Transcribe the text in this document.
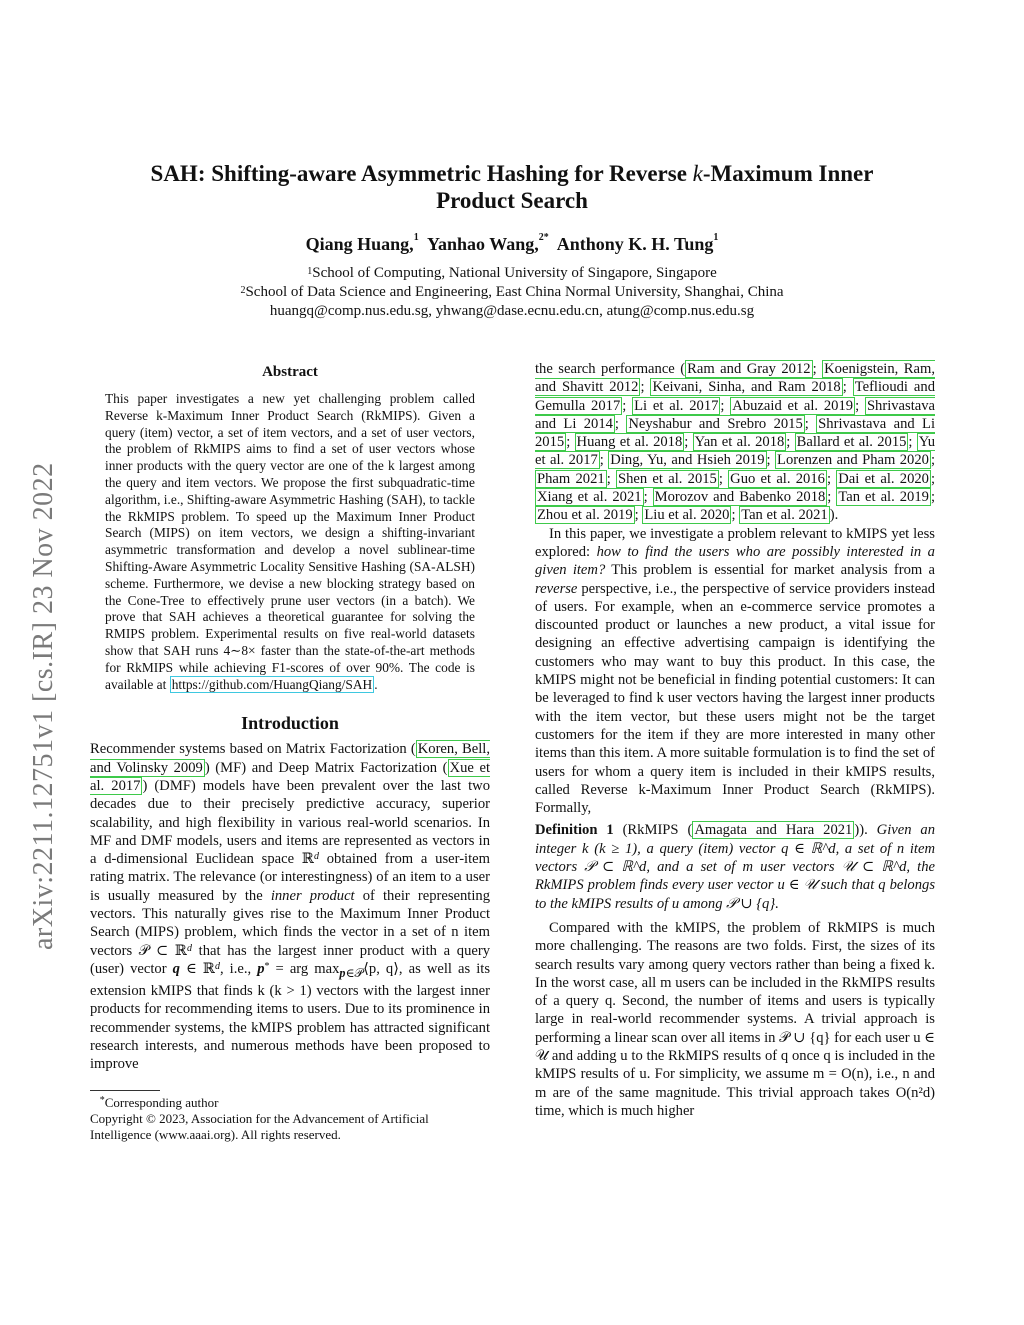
arXiv:2211.12751v1 [cs.IR] 23 Nov 2022
SAH: Shifting-aware Asymmetric Hashing for Reverse k-Maximum Inner
Product Search
Qiang Huang,$^1$ Yanhao Wang,$^{2*}$ Anthony K. H. Tung$^1$
$^1$School of Computing, National University of Singapore, Singapore
$^2$School of Data Science and Engineering, East China Normal University, Shanghai, China
huangq@comp.nus.edu.sg, yhwang@dase.ecnu.edu.cn, atung@comp.nus.edu.sg
Abstract
This paper investigates a new yet challenging problem called Reverse k-Maximum Inner Product Search (RkMIPS). Given a query (item) vector, a set of item vectors, and a set of user vectors, the problem of RkMIPS aims to find a set of user vectors whose inner products with the query vector are one of the k largest among the query and item vectors. We propose the first subquadratic-time algorithm, i.e., Shifting-aware Asymmetric Hashing (SAH), to tackle the RkMIPS problem. To speed up the Maximum Inner Product Search (MIPS) on item vectors, we design a shifting-invariant asymmetric transformation and develop a novel sublinear-time Shifting-Aware Asymmetric Locality Sensitive Hashing (SA-ALSH) scheme. Furthermore, we devise a new blocking strategy based on the Cone-Tree to effectively prune user vectors (in a batch). We prove that SAH achieves a theoretical guarantee for solving the RMIPS problem. Experimental results on five real-world datasets show that SAH runs 4∼8× faster than the state-of-the-art methods for RkMIPS while achieving F1-scores of over 90%. The code is available at https://github.com/HuangQiang/SAH .
Introduction

Recommender systems based on Matrix Factorization ( Koren, Bell, and Volinsky 2009 ) (MF) and Deep Matrix Factorization ( Xue et al. 2017 ) (DMF) models have been prevalent over the last two decades due to their precisely predictive accuracy, superior scalability, and high flexibility in various real-world scenarios. In MF and DMF models, users and items are represented as vectors in a d-dimensional Euclidean space ℝ$^d$ obtained from a user-item rating matrix. The relevance (or interestingness) of an item to a user is usually measured by the inner product of their representing vectors. This naturally gives rise to the Maximum Inner Product Search (MIPS) problem, which finds the vector in a set of n item vectors 𝒫 ⊂ ℝ$^d$ that has the largest inner product with a query (user) vector q ∈ ℝ$^d$, i.e., p* = arg $\max_{p\in 𝒫}⟨p$, q⟩, as well as its extension kMIPS that finds k (k > 1) vectors with the largest inner products for recommending items to users. Due to its prominence in recommender systems, the kMIPS problem has attracted significant research interests, and numerous methods have been proposed to improve

*Corresponding author
Copyright © 2023, Association for the Advancement of Artificial Intelligence (www.aaai.org). All rights reserved.

the search performance ( Ram and Gray 2012 ; Koenigstein, Ram, and Shavitt 2012 ; Keivani, Sinha, and Ram 2018 ; Teflioudi and Gemulla 2017 ; Li et al. 2017 ; Abuzaid et al. 2019 ; Shrivastava and Li 2014 ; Neyshabur and Srebro 2015 ; Shrivastava and Li 2015 ; Huang et al. 2018 ; Yan et al. 2018 ; Ballard et al. 2015 ; Yu et al. 2017 ; Ding, Yu, and Hsieh 2019 ; Lorenzen and Pham 2020 ; Pham 2021 ; Shen et al. 2015 ; Guo et al. 2016 ; Dai et al. 2020 ; Xiang et al. 2021 ; Morozov and Babenko 2018 ; Tan et al. 2019 ; Zhou et al. 2019 ; Liu et al. 2020 ; Tan et al. 2021 ).

In this paper, we investigate a problem relevant to kMIPS yet less explored: how to find the users who are possibly interested in a given item? This problem is essential for market analysis from a reverse perspective, i.e., the perspective of service providers instead of users. For example, when an e-commerce service promotes a discounted product or launches a new product, a vital issue for designing an effective advertising campaign is identifying the customers who may want to buy this product. In this case, the kMIPS might not be beneficial in finding potential customers: It can be leveraged to find k user vectors having the largest inner products with the item vector, but these users might not be the target customers for the item if they are more interested in many other items than this item. A more suitable formulation is to find the set of users for whom a query item is included in their kMIPS results, called Reverse k-Maximum Inner Product Search (RkMIPS). Formally,

Definition 1 (RkMIPS ( Amagata and Hara 2021 )). Given an integer k (k ≥ 1), a query (item) vector q ∈ ℝ^d, a set of n item vectors 𝒫 ⊂ ℝ^d, and a set of m user vectors 𝒰 ⊂ ℝ^d, the RkMIPS problem finds every user vector u ∈ 𝒰 such that q belongs to the kMIPS results of u among 𝒫 ∪ {q}.

Compared with the kMIPS, the problem of RkMIPS is much more challenging. The reasons are two folds. First, the sizes of its search results vary among query vectors rather than being a fixed k. In the worst case, all m users can be included in the RkMIPS results of a query q. Second, the number of items and users is typically large in real-world recommender systems. A trivial approach is performing a linear scan over all items in 𝒫 ∪ {q} for each user u ∈ 𝒰 and adding u to the RkMIPS results of q once q is included in the kMIPS results of u. For simplicity, we assume m = O(n), i.e., n and m are of the same magnitude. This trivial approach takes O(n²d) time, which is much higher
